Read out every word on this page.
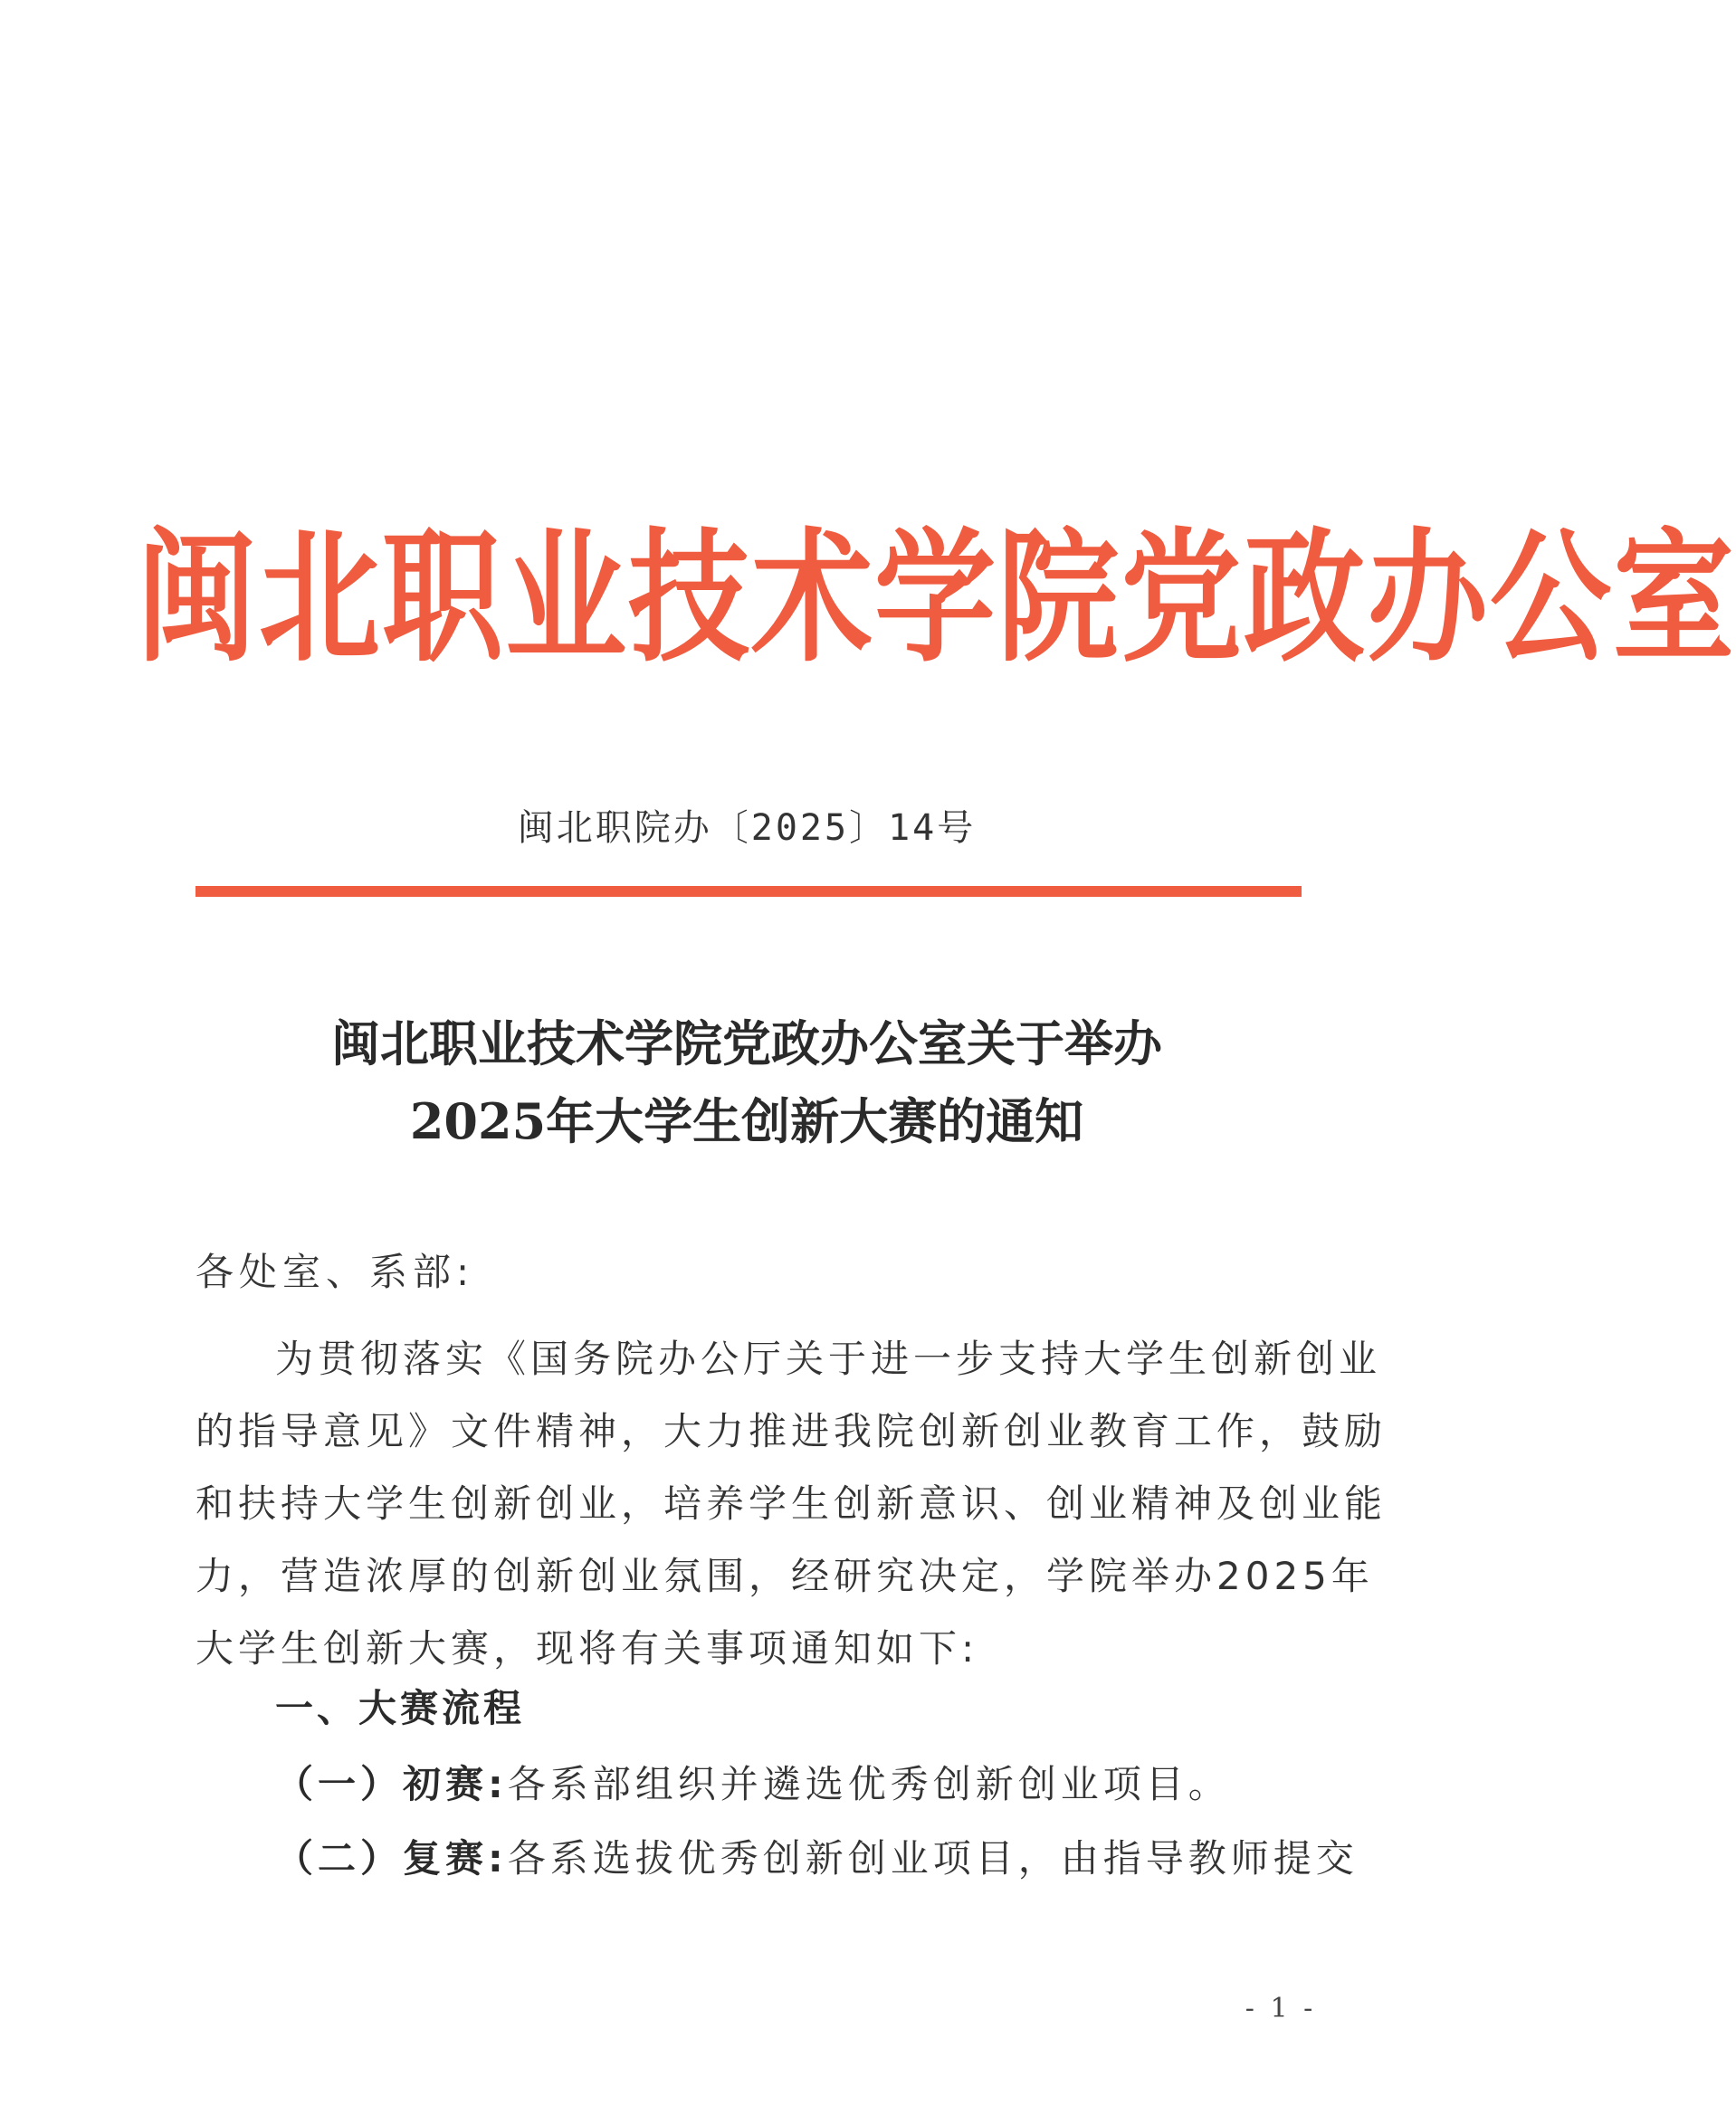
闽北职业技术学院党政办公室
闽北职院办〔2025〕14号
闽北职业技术学院党政办公室关于举办
2025年大学生创新大赛的通知
各处室、系部:
为贯彻落实《国务院办公厅关于进一步支持大学生创新创业
的指导意见》文件精神，大力推进我院创新创业教育工作，鼓励
和扶持大学生创新创业，培养学生创新意识、创业精神及创业能
力，营造浓厚的创新创业氛围，经研究决定，学院举办2025年
大学生创新大赛，现将有关事项通知如下:
一、大赛流程
（一）初赛:各系部组织并遴选优秀创新创业项目。
（二）复赛:各系选拔优秀创新创业项目，由指导教师提交
- 1 -
